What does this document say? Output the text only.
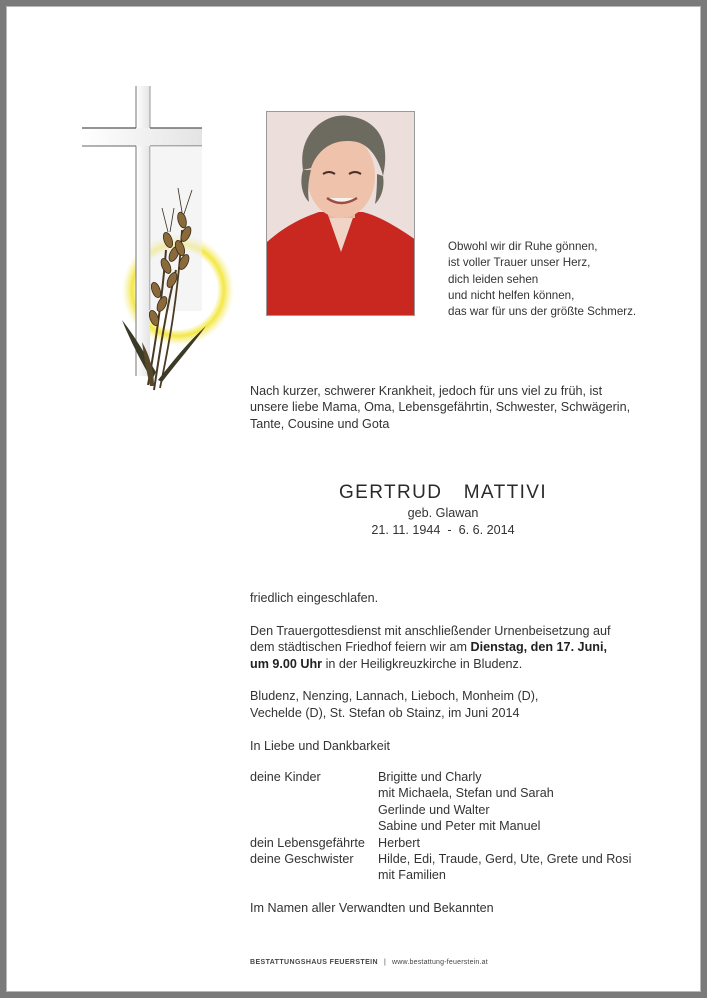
Obwohl wir dir Ruhe gönnen,
ist voller Trauer unser Herz,
dich leiden sehen
und nicht helfen können,
das war für uns der größte Schmerz.
Nach kurzer, schwerer Krankheit, jedoch für uns viel zu früh, ist
unsere liebe Mama, Oma, Lebensgefährtin, Schwester, Schwägerin,
Tante, Cousine und Gota
GERTRUD  MATTIVI
geb. Glawan
21. 11. 1944  -  6. 6. 2014

friedlich eingeschlafen.

Den Trauergottesdienst mit anschließender Urnenbeisetzung auf dem städtischen Friedhof feiern wir am Dienstag, den 17. Juni, um 9.00 Uhr in der Heiligkreuzkirche in Bludenz.

Bludenz, Nenzing, Lannach, Lieboch, Monheim (D),

Vechelde (D), St. Stefan ob Stainz, im Juni 2014

In Liebe und Dankbarkeit

deine Kinder	Brigitte und Charly
mit Michaela, Stefan und Sarah
Gerlinde und Walter
Sabine und Peter mit Manuel
dein Lebensgefährte	Herbert
deine Geschwister	Hilde, Edi, Traude, Gerd, Ute, Grete und Rosi
mit Familien
Im Namen aller Verwandten und Bekannten
BESTATTUNGSHAUS FEUERSTEIN | www.bestattung-feuerstein.at
